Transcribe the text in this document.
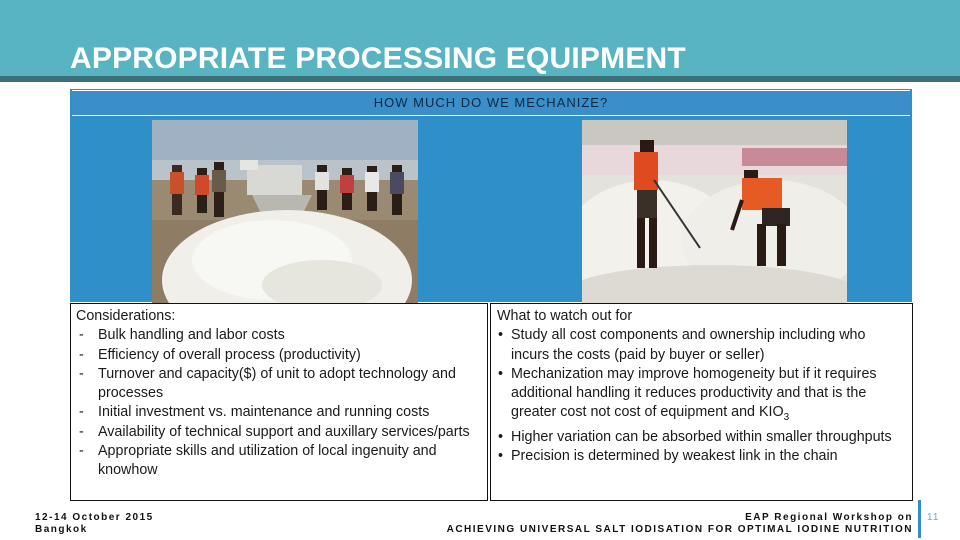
APPROPRIATE PROCESSING EQUIPMENT
HOW MUCH DO WE MECHANIZE?
Considerations:
- Bulk handling and labor costs
- Efficiency of overall process (productivity)
- Turnover and capacity($) of unit to adopt technology and processes
- Initial investment vs. maintenance and running costs
- Availability of technical support and auxillary services/parts
- Appropriate skills and utilization of local ingenuity and knowhow
What to watch out for
• Study all cost components and ownership including who incurs the costs (paid by buyer or seller)
• Mechanization may improve homogeneity but if it requires additional handling it reduces productivity and that is the greater cost not cost of equipment and $KIO_3$
• Higher variation can be absorbed within smaller throughputs
• Precision is determined by weakest link in the chain
12-14 October 2015
Bangkok
EAP Regional Workshop on
ACHIEVING UNIVERSAL SALT IODISATION FOR OPTIMAL IODINE NUTRITION
11
